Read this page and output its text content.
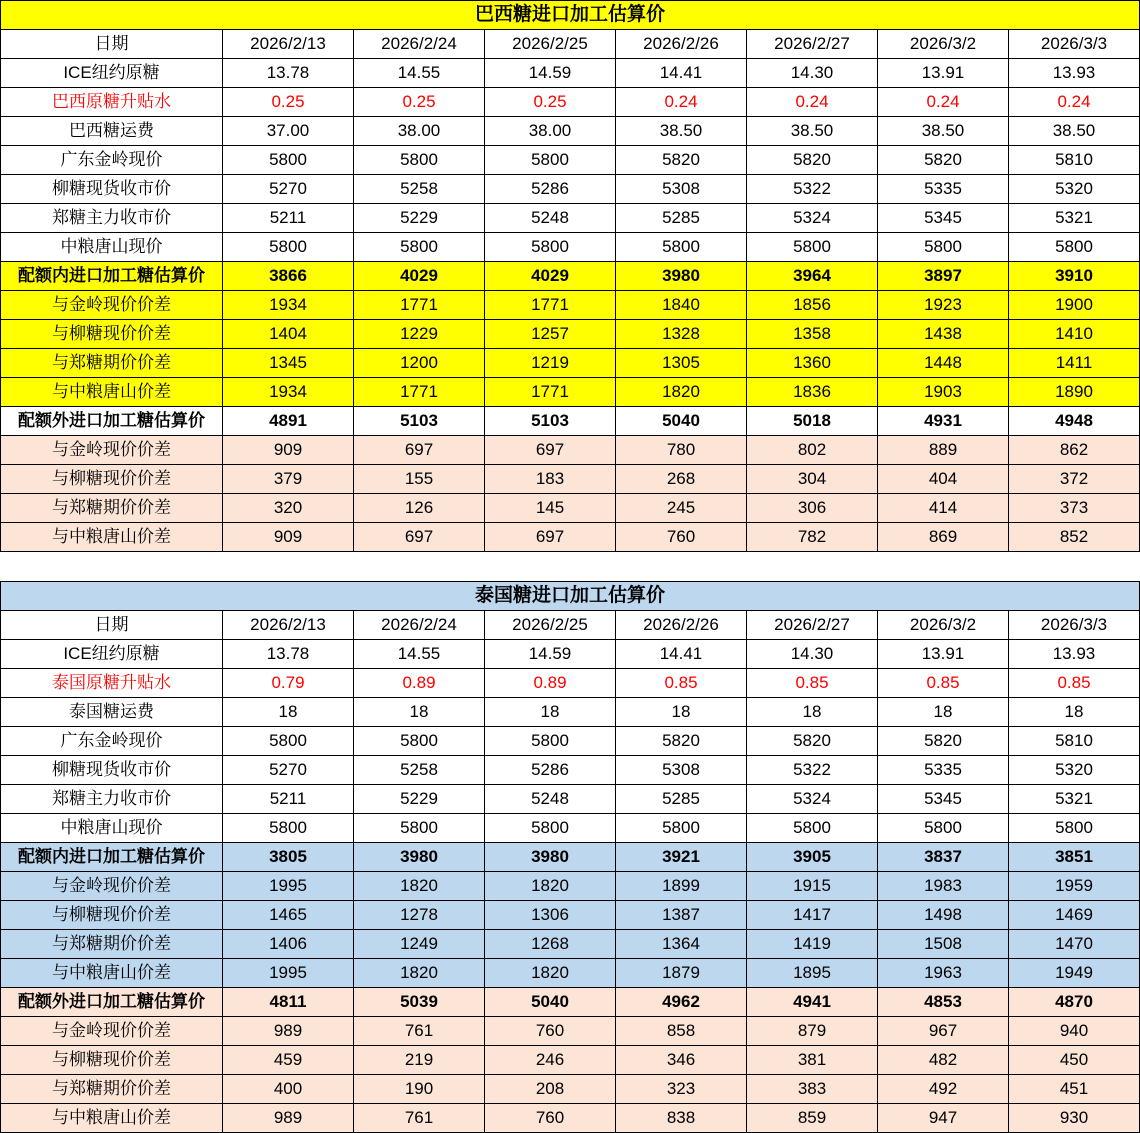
巴西糖进口加工估算价							
日期	2026/2/13	2026/2/24	2026/2/25	2026/2/26	2026/2/27	2026/3/2	2026/3/3
ICE纽约原糖	13.78	14.55	14.59	14.41	14.30	13.91	13.93
巴西原糖升贴水	0.25	0.25	0.25	0.24	0.24	0.24	0.24
巴西糖运费	37.00	38.00	38.00	38.50	38.50	38.50	38.50
广东金岭现价	5800	5800	5800	5820	5820	5820	5810
柳糖现货收市价	5270	5258	5286	5308	5322	5335	5320
郑糖主力收市价	5211	5229	5248	5285	5324	5345	5321
中粮唐山现价	5800	5800	5800	5800	5800	5800	5800
配额内进口加工糖估算价	3866	4029	4029	3980	3964	3897	3910
与金岭现价价差	1934	1771	1771	1840	1856	1923	1900
与柳糖现价价差	1404	1229	1257	1328	1358	1438	1410
与郑糖期价价差	1345	1200	1219	1305	1360	1448	1411
与中粮唐山价差	1934	1771	1771	1820	1836	1903	1890
配额外进口加工糖估算价	4891	5103	5103	5040	5018	4931	4948
与金岭现价价差	909	697	697	780	802	889	862
与柳糖现价价差	379	155	183	268	304	404	372
与郑糖期价价差	320	126	145	245	306	414	373
与中粮唐山价差	909	697	697	760	782	869	852
泰国糖进口加工估算价							
日期	2026/2/13	2026/2/24	2026/2/25	2026/2/26	2026/2/27	2026/3/2	2026/3/3
ICE纽约原糖	13.78	14.55	14.59	14.41	14.30	13.91	13.93
泰国原糖升贴水	0.79	0.89	0.89	0.85	0.85	0.85	0.85
泰国糖运费	18	18	18	18	18	18	18
广东金岭现价	5800	5800	5800	5820	5820	5820	5810
柳糖现货收市价	5270	5258	5286	5308	5322	5335	5320
郑糖主力收市价	5211	5229	5248	5285	5324	5345	5321
中粮唐山现价	5800	5800	5800	5800	5800	5800	5800
配额内进口加工糖估算价	3805	3980	3980	3921	3905	3837	3851
与金岭现价价差	1995	1820	1820	1899	1915	1983	1959
与柳糖现价价差	1465	1278	1306	1387	1417	1498	1469
与郑糖期价价差	1406	1249	1268	1364	1419	1508	1470
与中粮唐山价差	1995	1820	1820	1879	1895	1963	1949
配额外进口加工糖估算价	4811	5039	5040	4962	4941	4853	4870
与金岭现价价差	989	761	760	858	879	967	940
与柳糖现价价差	459	219	246	346	381	482	450
与郑糖期价价差	400	190	208	323	383	492	451
与中粮唐山价差	989	761	760	838	859	947	930
